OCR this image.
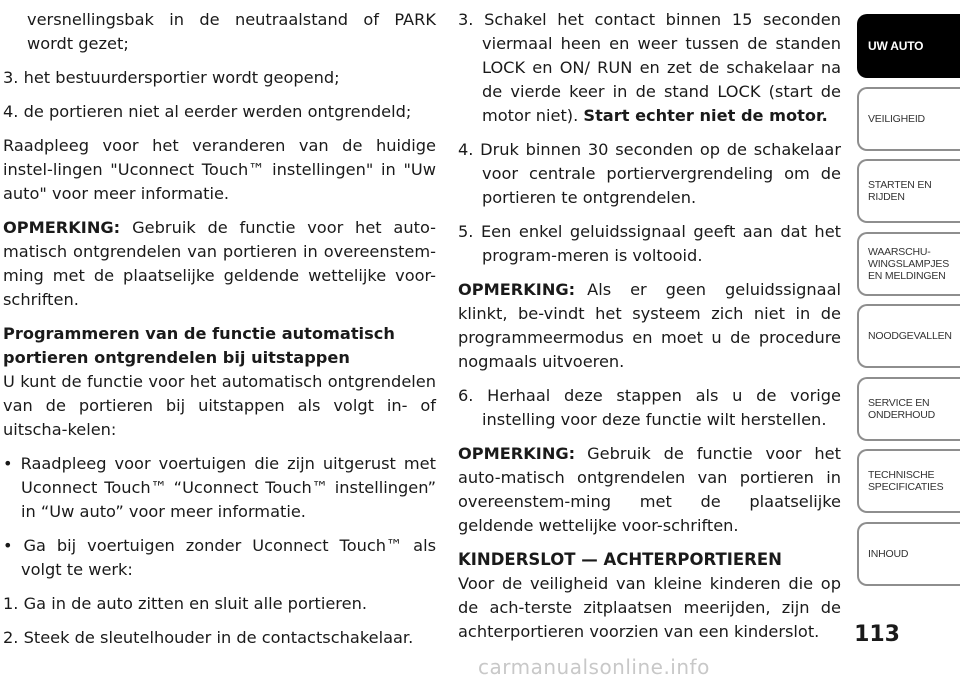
versnellingsbak in de neutraalstand of PARK wordt gezet;

3. het bestuurdersportier wordt geopend;

4. de portieren niet al eerder werden ontgrendeld;

Raadpleeg voor het veranderen van de huidige instel-lingen "Uconnect Touch™ instellingen" in "Uw auto" voor meer informatie.

OPMERKING: Gebruik de functie voor het auto-matisch ontgrendelen van portieren in overeenstem-ming met de plaatselijke geldende wettelijke voor-schriften.

Programmeren van de functie automatisch portieren ontgrendelen bij uitstappen

U kunt de functie voor het automatisch ontgrendelen van de portieren bij uitstappen als volgt in- of uitscha-kelen:

• Raadpleeg voor voertuigen die zijn uitgerust met Uconnect Touch™ “Uconnect Touch™ instellingen” in “Uw auto” voor meer informatie.

• Ga bij voertuigen zonder Uconnect Touch™ als volgt te werk:

1. Ga in de auto zitten en sluit alle portieren.

2. Steek de sleutelhouder in de contactschakelaar.

3. Schakel het contact binnen 15 seconden viermaal heen en weer tussen de standen LOCK en ON/ RUN en zet de schakelaar na de vierde keer in de stand LOCK (start de motor niet). Start echter niet de motor.

4. Druk binnen 30 seconden op de schakelaar voor centrale portiervergrendeling om de portieren te ontgrendelen.

5. Een enkel geluidssignaal geeft aan dat het program-meren is voltooid.

OPMERKING: Als er geen geluidssignaal klinkt, be-vindt het systeem zich niet in de programmeermodus en moet u de procedure nogmaals uitvoeren.

6. Herhaal deze stappen als u de vorige instelling voor deze functie wilt herstellen.

OPMERKING: Gebruik de functie voor het auto-matisch ontgrendelen van portieren in overeenstem-ming met de plaatselijke geldende wettelijke voor-schriften.

KINDERSLOT — ACHTERPORTIEREN

Voor de veiligheid van kleine kinderen die op de ach-terste zitplaatsen meerijden, zijn de achterportieren voorzien van een kinderslot.

UW AUTO
VEILIGHEID
STARTEN EN
RIJDEN
WAARSCHU-
WINGSLAMPJES
EN MELDINGEN
NOODGEVALLEN
SERVICE EN
ONDERHOUD
TECHNISCHE
SPECIFICATIES
INHOUD
113
carmanualsonline.info
